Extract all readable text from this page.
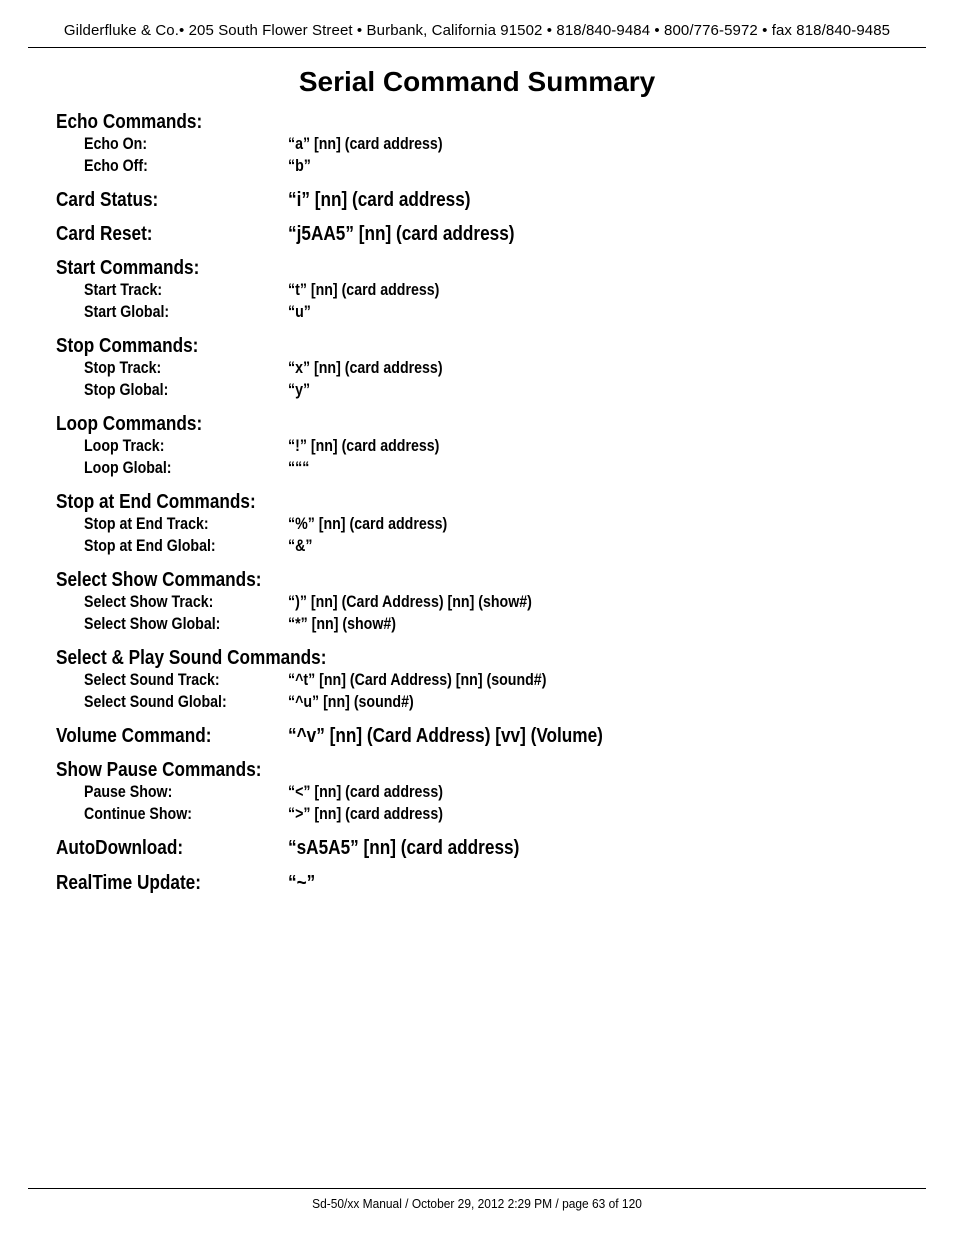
Gilderfluke & Co.• 205 South Flower Street • Burbank, California 91502 • 818/840-9484 • 800/776-5972 • fax 818/840-9485
Serial Command Summary
Echo Commands:
Echo On:	“a” [nn] (card address)
Echo Off:	“b”
Card Status:	“i” [nn] (card address)
Card Reset:	“j5AA5” [nn] (card address)
Start Commands:
Start Track:	“t” [nn] (card address)
Start Global:	“u”
Stop Commands:
Stop Track:	“x” [nn] (card address)
Stop Global:	“y”
Loop Commands:
Loop Track:	“!” [nn] (card address)
Loop Global:	“““
Stop at End Commands:
Stop at End Track:	“%” [nn] (card address)
Stop at End Global:	“&”
Select Show Commands:
Select Show Track:	“)” [nn] (Card Address) [nn] (show#)
Select Show Global:	“*” [nn] (show#)
Select & Play Sound Commands:
Select Sound Track:	“^t” [nn] (Card Address) [nn] (sound#)
Select Sound Global:	“^u” [nn] (sound#)
Volume Command:	“^v” [nn] (Card Address) [vv] (Volume)
Show Pause Commands:
Pause Show:	“<” [nn] (card address)
Continue Show:	“>” [nn] (card address)
AutoDownload:	“sA5A5” [nn] (card address)
RealTime Update:	“~”
Sd-50/xx Manual / October 29, 2012 2:29 PM / page 63 of 120
